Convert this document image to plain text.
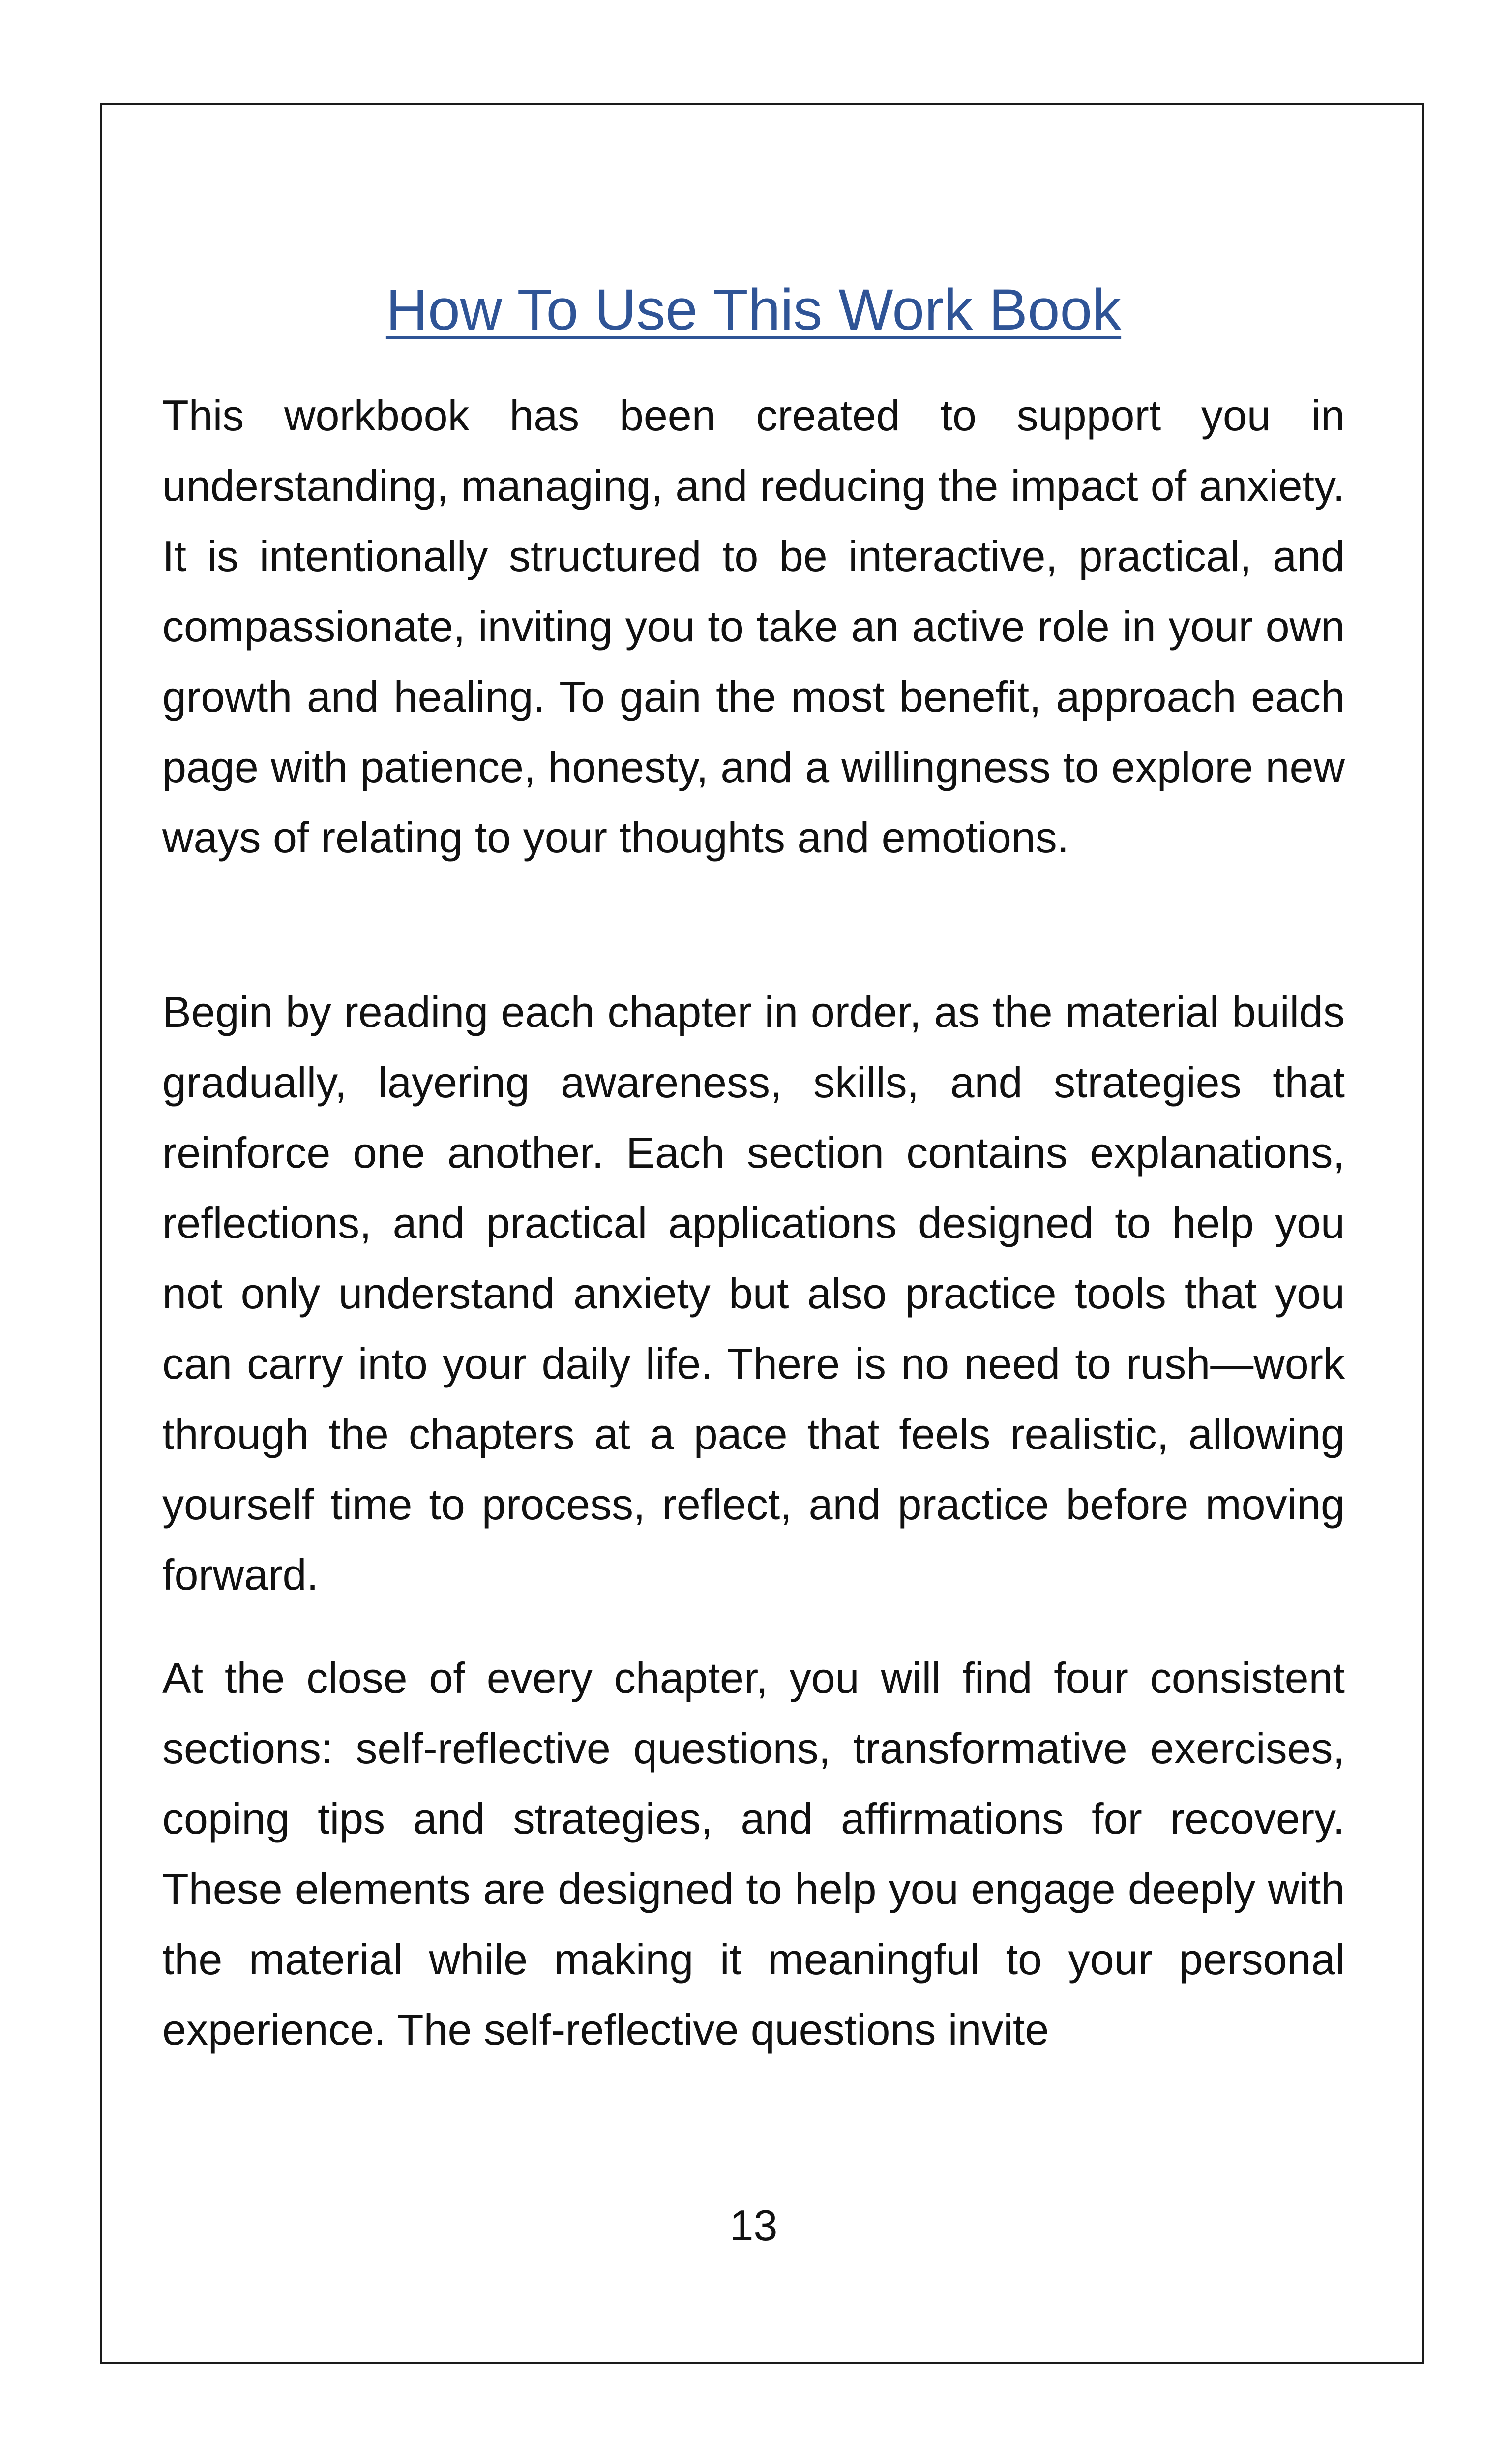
How To Use This Work Book

This workbook has been created to support you in understanding, managing, and reducing the impact of anxiety. It is intentionally structured to be interactive, practical, and compassionate, inviting you to take an active role in your own growth and healing. To gain the most benefit, approach each page with patience, honesty, and a willingness to explore new ways of relating to your thoughts and emotions.

Begin by reading each chapter in order, as the material builds gradually, layering awareness, skills, and strategies that reinforce one another. Each section contains explanations, reflections, and practical applications designed to help you not only understand anxiety but also practice tools that you can carry into your daily life. There is no need to rush—work through the chapters at a pace that feels realistic, allowing yourself time to process, reflect, and practice before moving forward.

At the close of every chapter, you will find four consistent sections: self-reflective questions, transformative exercises, coping tips and strategies, and affirmations for recovery. These elements are designed to help you engage deeply with the material while making it meaningful to your personal experience. The self-reflective questions invite

13
